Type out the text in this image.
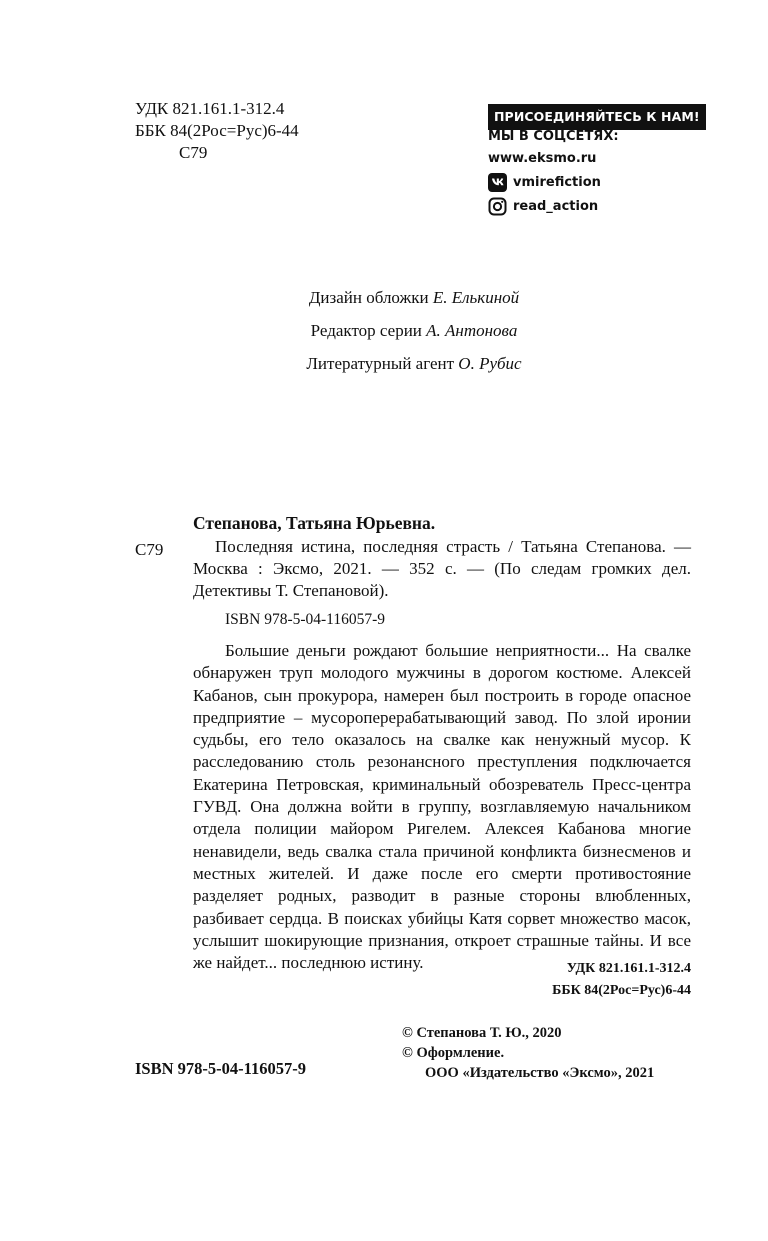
УДК 821.161.1-312.4
ББК 84(2Рос=Рус)6-44
С79
ПРИСОЕДИНЯЙТЕСЬ К НАМ!
МЫ В СОЦСЕТЯХ:
www.eksmo.ru
vmirefiction
read_action
Дизайн обложки Е. Елькиной
Редактор серии А. Антонова
Литературный агент О. Рубис
Степанова, Татьяна Юрьевна.
С79	Последняя истина, последняя страсть / Татьяна Степанова. — Москва : Эксмо, 2021. — 352 с. — (По следам громких дел. Детективы Т. Степановой).
ISBN 978-5-04-116057-9

Большие деньги рождают большие неприятности... На свалке обнаружен труп молодого мужчины в дорогом костюме. Алексей Кабанов, сын прокурора, намерен был построить в городе опасное предприятие – мусороперерабатывающий завод. По злой иронии судьбы, его тело оказалось на свалке как ненужный мусор. К расследованию столь резонансного преступления подключается Екатерина Петровская, криминальный обозреватель Пресс-центра ГУВД. Она должна войти в группу, возглавляемую начальником отдела полиции майором Ригелем. Алексея Кабанова многие ненавидели, ведь свалка стала причиной конфликта бизнесменов и местных жителей. И даже после его смерти противостояние разделяет родных, разводит в разные стороны влюбленных, разбивает сердца. В поисках убийцы Катя сорвет множество масок, услышит шокирующие признания, откроет страшные тайны. И все же найдет... последнюю истину.	УДК 821.161.1-312.4
ББК 84(2Рос=Рус)6-44
© Степанова Т. Ю., 2020
© Оформление.
ООО «Издательство «Эксмо», 2021
ISBN 978-5-04-116057-9
